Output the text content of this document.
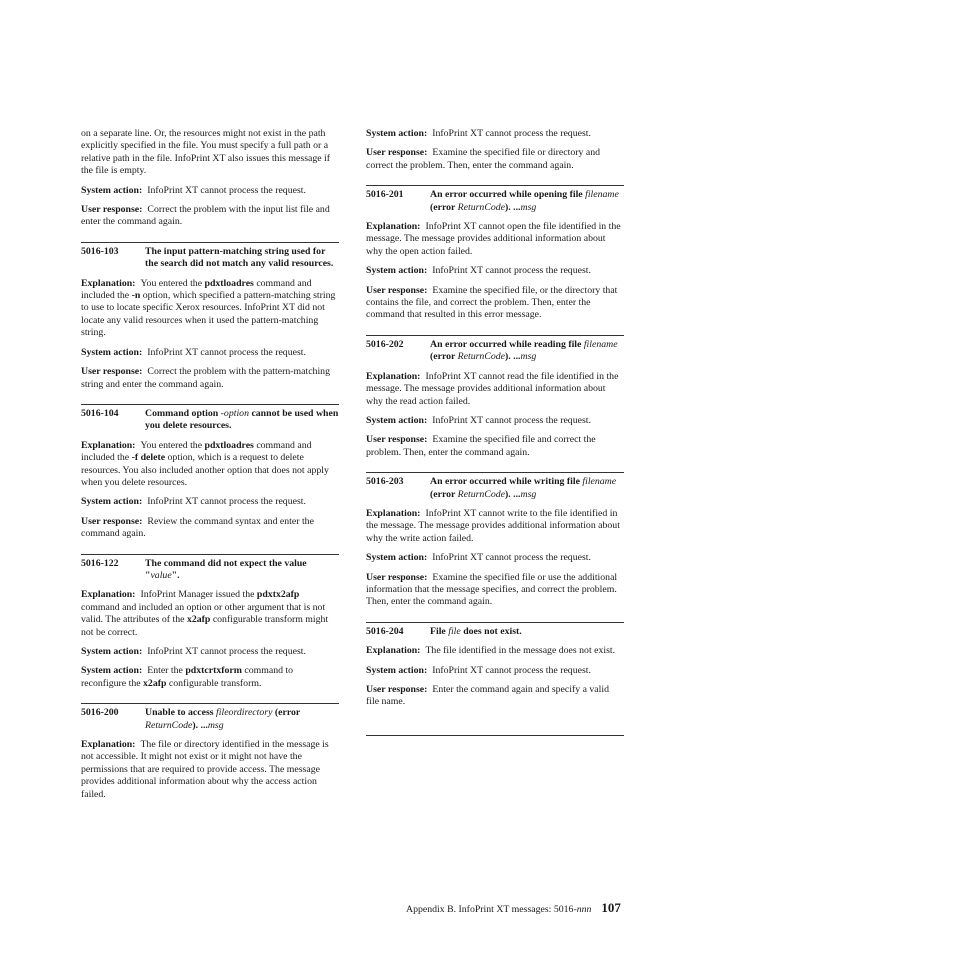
on a separate line. Or, the resources might not exist in the path explicitly specified in the file. You must specify a full path or a relative path in the file. InfoPrint XT also issues this message if the file is empty.

System action: InfoPrint XT cannot process the request.

User response: Correct the problem with the input list file and enter the command again.

5016-103	The input pattern-matching string used for the search did not match any valid resources.

Explanation: You entered the pdxtloadres command and included the -n option, which specified a pattern-matching string to use to locate specific Xerox resources. InfoPrint XT did not locate any valid resources when it used the pattern-matching string.

System action: InfoPrint XT cannot process the request.

User response: Correct the problem with the pattern-matching string and enter the command again.

5016-104	Command option -option cannot be used when you delete resources.

Explanation: You entered the pdxtloadres command and included the -f delete option, which is a request to delete resources. You also included another option that does not apply when you delete resources.

System action: InfoPrint XT cannot process the request.

User response: Review the command syntax and enter the command again.

5016-122	The command did not expect the value "value".

Explanation: InfoPrint Manager issued the pdxtx2afp command and included an option or other argument that is not valid. The attributes of the x2afp configurable transform might not be correct.

System action: InfoPrint XT cannot process the request.

System action: Enter the pdxtcrtxform command to reconfigure the x2afp configurable transform.

5016-200	Unable to access fileordirectory (error ReturnCode). ...msg

Explanation: The file or directory identified in the message is not accessible. It might not exist or it might not have the permissions that are required to provide access. The message provides additional information about why the access action failed.

System action: InfoPrint XT cannot process the request.

User response: Examine the specified file or directory and correct the problem. Then, enter the command again.

5016-201	An error occurred while opening file filename (error ReturnCode). ...msg

Explanation: InfoPrint XT cannot open the file identified in the message. The message provides additional information about why the open action failed.

System action: InfoPrint XT cannot process the request.

User response: Examine the specified file, or the directory that contains the file, and correct the problem. Then, enter the command that resulted in this error message.

5016-202	An error occurred while reading file filename (error ReturnCode). ...msg

Explanation: InfoPrint XT cannot read the file identified in the message. The message provides additional information about why the read action failed.

System action: InfoPrint XT cannot process the request.

User response: Examine the specified file and correct the problem. Then, enter the command again.

5016-203	An error occurred while writing file filename (error ReturnCode). ...msg

Explanation: InfoPrint XT cannot write to the file identified in the message. The message provides additional information about why the write action failed.

System action: InfoPrint XT cannot process the request.

User response: Examine the specified file or use the additional information that the message specifies, and correct the problem. Then, enter the command again.

5016-204	File file does not exist.

Explanation: The file identified in the message does not exist.

System action: InfoPrint XT cannot process the request.

User response: Enter the command again and specify a valid file name.

Appendix B. InfoPrint XT messages: 5016-nnn 107
